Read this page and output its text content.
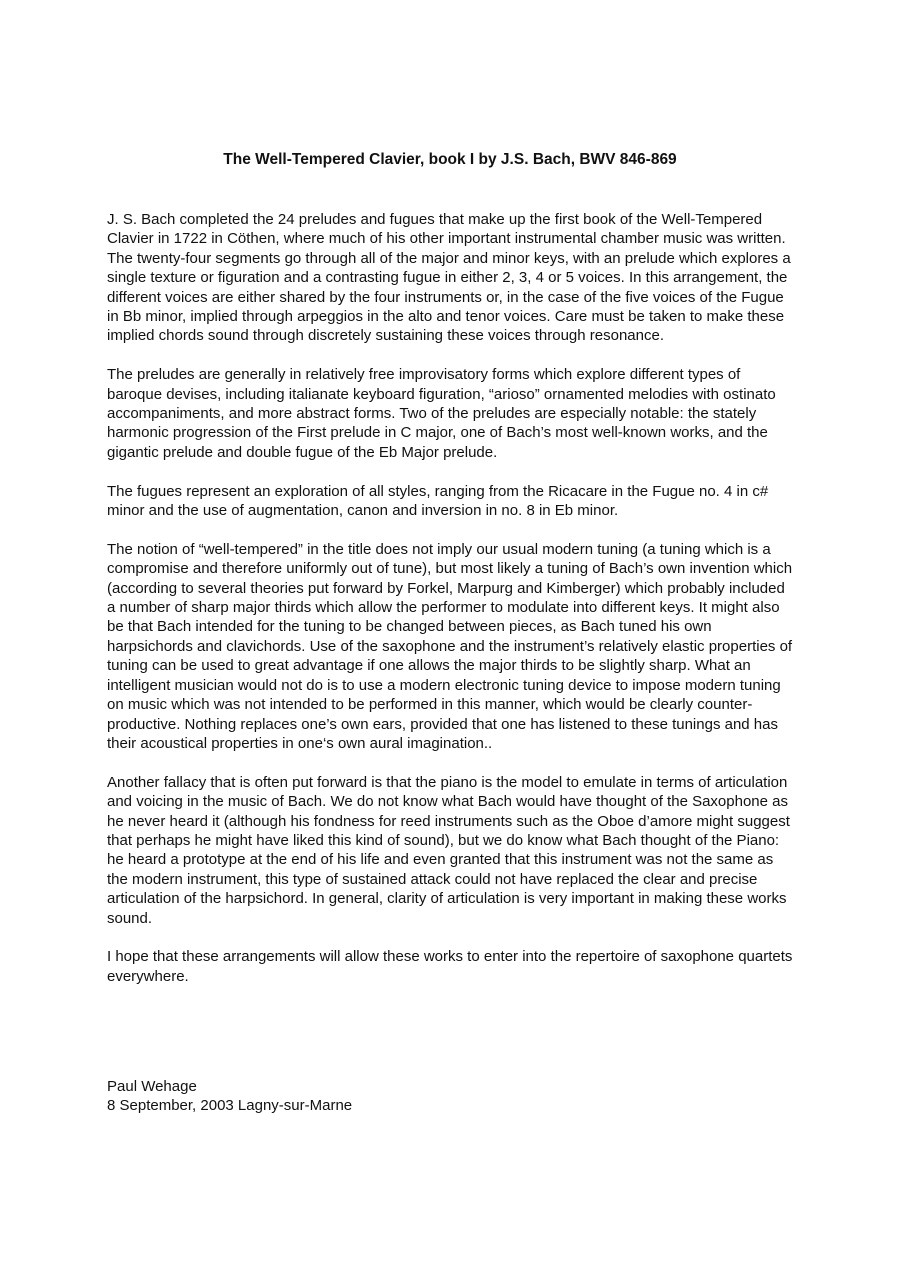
The Well-Tempered Clavier, book I by J.S. Bach, BWV 846-869

J. S. Bach completed the 24 preludes and fugues that make up the first book of the Well-Tempered Clavier in 1722 in Cöthen, where much of his other important instrumental chamber music was written. The twenty-four segments go through all of the major and minor keys, with an prelude which explores a single texture or figuration and a contrasting fugue in either 2, 3, 4 or 5 voices. In this arrangement, the different voices are either shared by the four instruments or, in the case of the five voices of the Fugue in Bb minor, implied through arpeggios in the alto and tenor voices. Care must be taken to make these implied chords sound through discretely sustaining these voices through resonance.

The preludes are generally in relatively free improvisatory forms which explore different types of baroque devises, including italianate keyboard figuration, “arioso” ornamented melodies with ostinato accompaniments, and more abstract forms. Two of the preludes are especially notable: the stately harmonic progression of the First prelude in C major, one of Bach’s most well-known works, and the gigantic prelude and double fugue of the Eb Major prelude.

The fugues represent an exploration of all styles, ranging from the Ricacare in the Fugue no. 4 in c# minor and the use of augmentation, canon and inversion in no. 8 in Eb minor.

The notion of “well-tempered” in the title does not imply our usual modern tuning (a tuning which is a compromise and therefore uniformly out of tune), but most likely a tuning of Bach’s own invention which (according to several theories put forward by Forkel, Marpurg and Kimberger) which probably included a number of sharp major thirds which allow the performer to modulate into different keys. It might also be that Bach intended for the tuning to be changed between pieces, as Bach tuned his own harpsichords and clavichords. Use of the saxophone and the instrument’s relatively elastic properties of tuning can be used to great advantage if one allows the major thirds to be slightly sharp. What an intelligent musician would not do is to use a modern electronic tuning device to impose modern tuning on music which was not intended to be performed in this manner, which would be clearly counter-productive. Nothing replaces one’s own ears, provided that one has listened to these tunings and has their acoustical properties in one‘s own aural imagination..

Another fallacy that is often put forward is that the piano is the model to emulate in terms of articulation and voicing in the music of Bach. We do not know what Bach would have thought of the Saxophone as he never heard it (although his fondness for reed instruments such as the Oboe d’amore might suggest that perhaps he might have liked this kind of sound), but we do know what Bach thought of the Piano: he heard a prototype at the end of his life and even granted that this instrument was not the same as the modern instrument, this type of sustained attack could not have replaced the clear and precise articulation of the harpsichord. In general, clarity of articulation is very important in making these works sound.

I hope that these arrangements will allow these works to enter into the repertoire of saxophone quartets everywhere.

Paul Wehage
8 September, 2003 Lagny-sur-Marne
